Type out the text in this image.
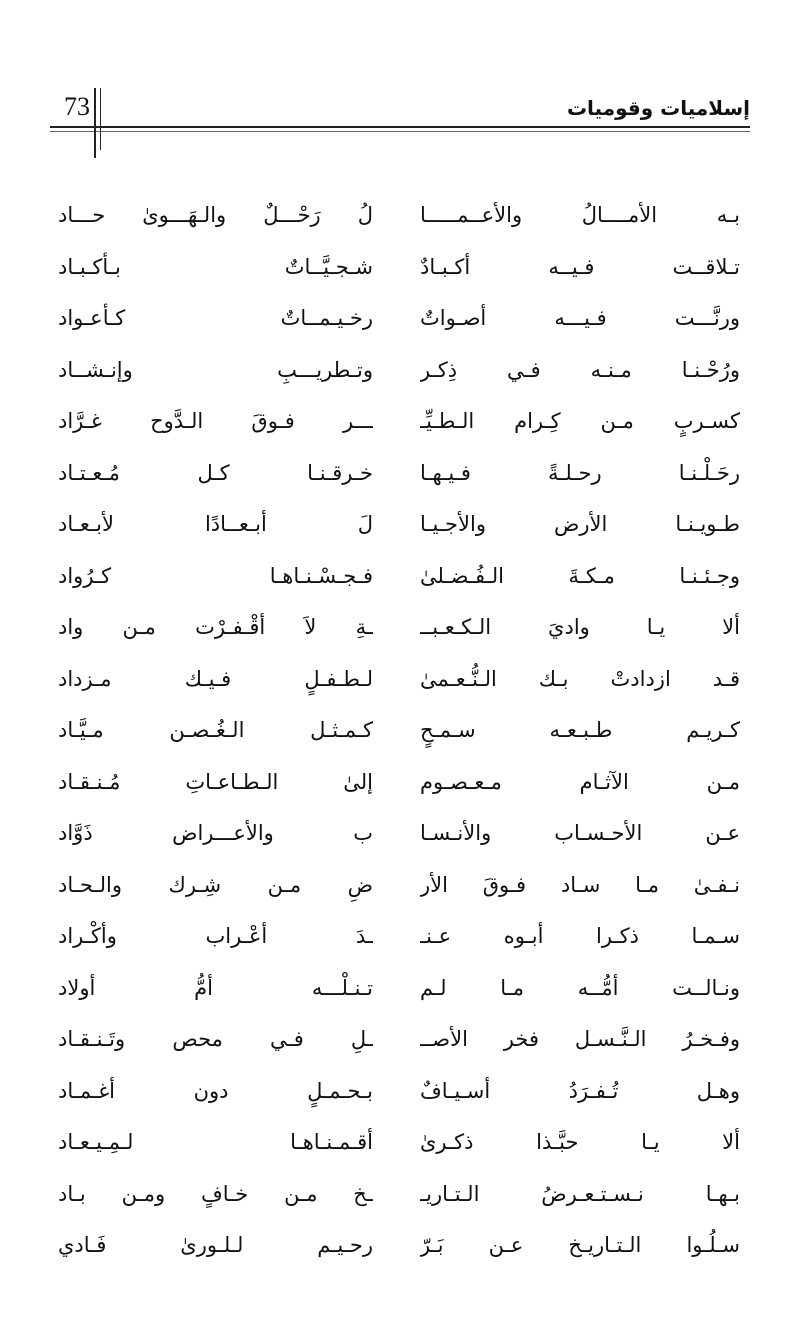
73	إسلاميات وقوميات
بـه الأمــــالُ والأعــمـــــا
لُ رَحْـــلٌ والـهَـــوىٰ حـــاد
تـلاقــت فـيــه أكـبـادٌ
شـجـيَّــاتٌ بـأكـبـاد
ورنَّـــت فـيـــه أصـواتٌ
رخـيـمــاتٌ كـأعـواد
ورُحْـنـا مـنـه فـي ذِكـر
وتـطريـــبِ وإنـشــاد
كسـربٍ مـن كِـرام الـطـيِّـ
ـــر فـوقَ الـدَّوح غـرَّاد
رحَـلْـنـا رحـلـةً فـيـهـا
خـرقـنـا كـل مُـعـتـاد
طـويـنـا الأرض والأجـيـا
لَ أبـعــادًا لأبـعـاد
وجـئـنـا مـكـةَ الـفُـضـلىٰ
فـجـسْـنـاهـا كـرُواد
ألا يـا واديَ الـكـعـبــ
ـةِ لاَ أقْـفـرْت مـن واد
قـد ازدادتْ بـك الـنُّـعـمىٰ
لـطـفـلٍ فـيـك مـزداد
كـريـم طـبـعـه سـمـحٍ
كـمـثـل الـغُـصـن مـيَّـاد
مـن الآثـام مـعـصـوم
إلىٰ الـطـاعـاتِ مُـنـقـاد
عـن الأحـسـاب والأنـسـا
ب والأعـــراض ذَوَّاد
نـفـىٰ مـا سـاد فـوقَ الأر
ضِ مـن شِـرك والـحـاد
سـمـا ذكـرا أبـوه عـنـ
ـدَ أعْـراب وأكْـراد
ونـالــت أمُّــه مـا لـم
تـنـلْـــه أمُّ أولاد
وفـخـرُ الـنَّـسـل فخر الأصــ
ـلِ فـي محص وتَـنـقـاد
وهـل تُـفـرَدُ أسـيـافٌ
بـحـمـلٍ دون أغـمـاد
ألا يـا حبَّـذا ذكـرىٰ
أقـمـنـاهـا لـمِـيـعـاد
بـهـا نـسـتـعـرضُ الـتـاريـ
ـخ مـن خـافٍ ومـن بـاد
سـلُـوا الـتـاريـخ عـن بَـرّ
رحـيـم لـلـورىٰ فَـادي
